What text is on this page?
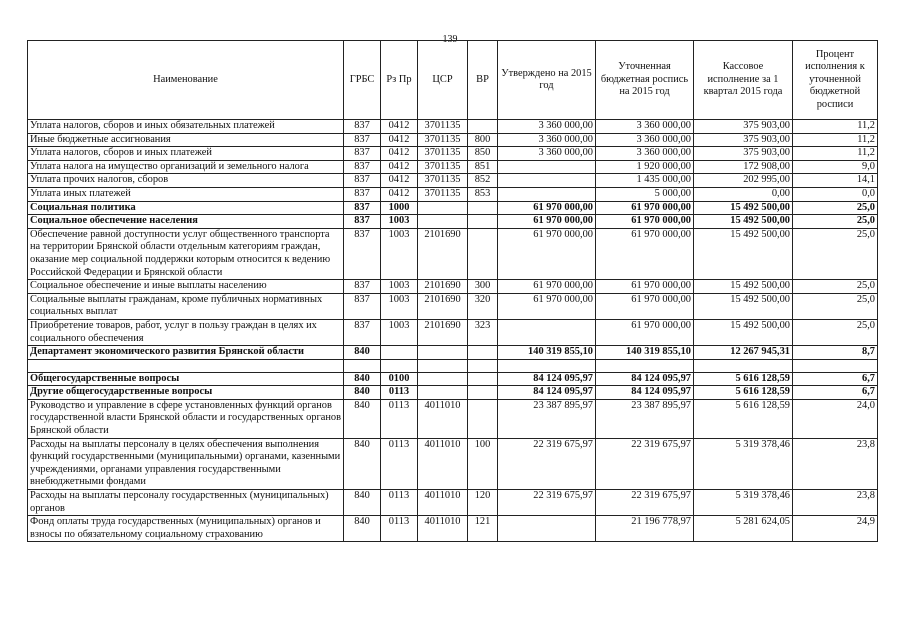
139
Наименование	ГРБС	Рз Пр	ЦСР	ВР	Утверждено на 2015 год	Уточненная бюджетная роспись на 2015 год	Кассовое исполнение за 1 квартал 2015 года	Процент исполнения к уточненной бюджетной росписи
Уплата налогов, сборов и иных обязательных платежей	837	0412	3701135		3 360 000,00	3 360 000,00	375 903,00	11,2
Иные бюджетные ассигнования	837	0412	3701135	800	3 360 000,00	3 360 000,00	375 903,00	11,2
Уплата налогов, сборов и иных платежей	837	0412	3701135	850	3 360 000,00	3 360 000,00	375 903,00	11,2
Уплата налога на имущество организаций и земельного налога	837	0412	3701135	851		1 920 000,00	172 908,00	9,0
Уплата прочих налогов, сборов	837	0412	3701135	852		1 435 000,00	202 995,00	14,1
Уплата иных платежей	837	0412	3701135	853		5 000,00	0,00	0,0
Социальная политика	837	1000			61 970 000,00	61 970 000,00	15 492 500,00	25,0
Социальное обеспечение населения	837	1003			61 970 000,00	61 970 000,00	15 492 500,00	25,0
Обеспечение равной доступности услуг общественного транспорта на территории Брянской области отдельным категориям граждан, оказание мер социальной поддержки которым относится к ведению Российской Федерации и Брянской области	837	1003	2101690		61 970 000,00	61 970 000,00	15 492 500,00	25,0
Социальное обеспечение и иные выплаты населению	837	1003	2101690	300	61 970 000,00	61 970 000,00	15 492 500,00	25,0
Социальные выплаты гражданам, кроме публичных нормативных социальных выплат	837	1003	2101690	320	61 970 000,00	61 970 000,00	15 492 500,00	25,0
Приобретение товаров, работ, услуг в пользу граждан в целях их социального обеспечения	837	1003	2101690	323		61 970 000,00	15 492 500,00	25,0
Департамент экономического развития Брянской области	840				140 319 855,10	140 319 855,10	12 267 945,31	8,7

Общегосударственные вопросы	840	0100			84 124 095,97	84 124 095,97	5 616 128,59	6,7
Другие общегосударственные вопросы	840	0113			84 124 095,97	84 124 095,97	5 616 128,59	6,7
Руководство и управление в сфере установленных функций органов государственной власти Брянской области и государственных органов Брянской области	840	0113	4011010		23 387 895,97	23 387 895,97	5 616 128,59	24,0
Расходы на выплаты персоналу в целях обеспечения выполнения функций государственными (муниципальными) органами, казенными учреждениями, органами управления государственными внебюджетными фондами	840	0113	4011010	100	22 319 675,97	22 319 675,97	5 319 378,46	23,8
Расходы на выплаты персоналу государственных (муниципальных) органов	840	0113	4011010	120	22 319 675,97	22 319 675,97	5 319 378,46	23,8
Фонд оплаты труда государственных (муниципальных) органов и взносы по обязательному социальному страхованию	840	0113	4011010	121		21 196 778,97	5 281 624,05	24,9
